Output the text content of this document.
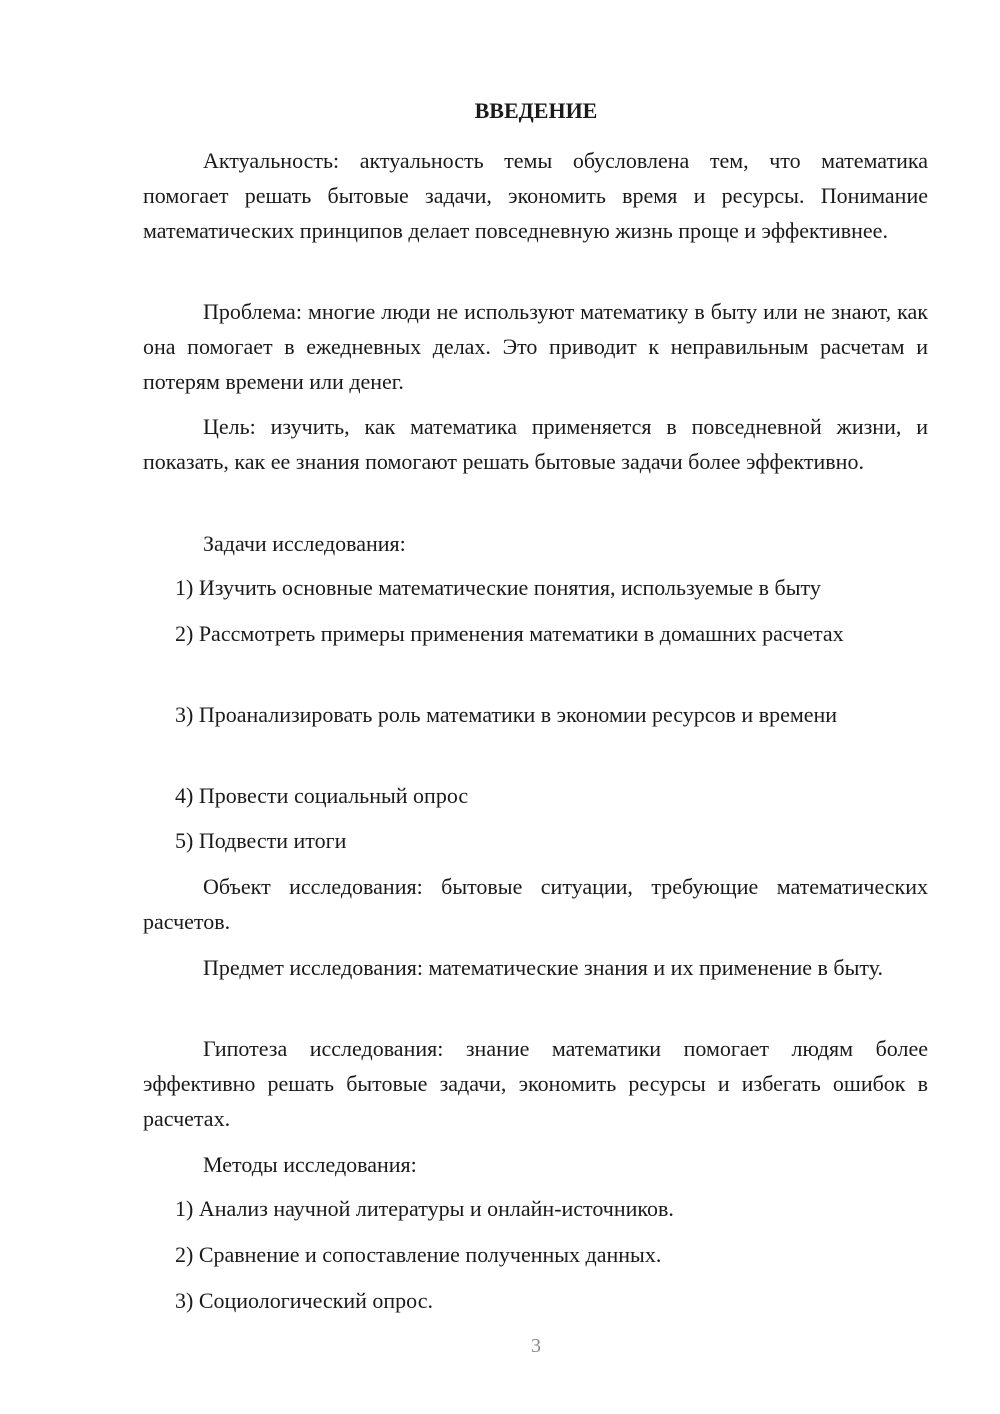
ВВЕДЕНИЕ
Актуальность: актуальность темы обусловлена тем, что математика помогает решать бытовые задачи, экономить время и ресурсы. Понимание математических принципов делает повседневную жизнь проще и эффективнее.
Проблема: многие люди не используют математику в быту или не знают, как она помогает в ежедневных делах. Это приводит к неправильным расчетам и потерям времени или денег.
Цель: изучить, как математика применяется в повседневной жизни, и показать, как ее знания помогают решать бытовые задачи более эффективно.
Задачи исследования:
1) Изучить основные математические понятия, используемые в быту
2) Рассмотреть примеры применения математики в домашних расчетах
3) Проанализировать роль математики в экономии ресурсов и времени
4) Провести социальный опрос
5) Подвести итоги
Объект исследования: бытовые ситуации, требующие математических расчетов.
Предмет исследования: математические знания и их применение в быту.
Гипотеза исследования: знание математики помогает людям более эффективно решать бытовые задачи, экономить ресурсы и избегать ошибок в расчетах.
Методы исследования:
1) Анализ научной литературы и онлайн-источников.
2) Сравнение и сопоставление полученных данных.
3) Социологический опрос.
3
